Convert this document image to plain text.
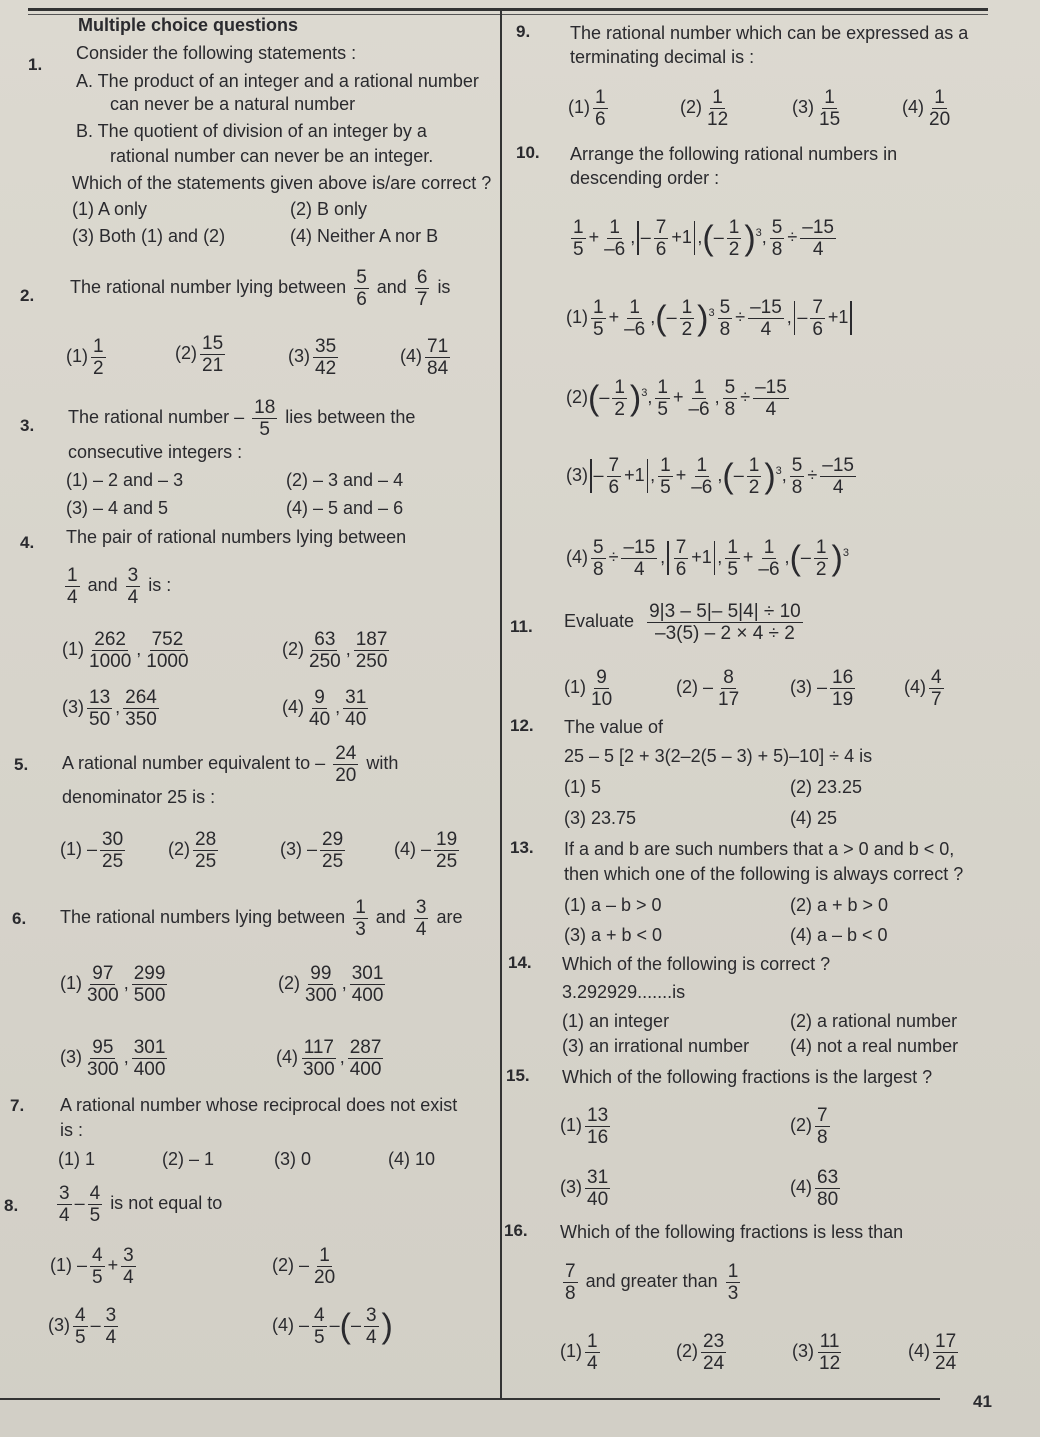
41
Multiple choice questions
1.
Consider the following statements :
A. The product of an integer and a rational number
can never be a natural number
B. The quotient of division of an integer by a
rational number can never be an integer.
Which of the statements given above is/are correct ?
(1) A only	(2) B only
(3) Both (1) and (2)	(4) Neither A nor B
2. The rational number lying between $\frac{5}{6}$ and $\frac{6}{7}$ is
$(1) \frac{1}{2}$	$(2) \frac{15}{21}$	$(3) \frac{35}{42}$	$(4) \frac{71}{84}$
3. The rational number – $\frac{18}{5}$ lies between the
consecutive integers :
(1) – 2 and – 3	(2) – 3 and – 4
(3) – 4 and 5	(4) – 5 and – 6
4. The pair of rational numbers lying between
$\frac{1}{4}$ and $\frac{3}{4}$ is :
$(1) \frac{262}{1000}$ , $\frac{752}{1000}$	$(2) \frac{63}{250}$ , $\frac{187}{250}$
$(3) \frac{13}{50}$ , $\frac{264}{350}$	$(4) \frac{9}{40}$ , $\frac{31}{40}$
5. A rational number equivalent to – $\frac{24}{20}$ with
denominator 25 is :
$(1) - \frac{30}{25} (2) \frac{28}{25}$	$(3) - \frac{29}{25}$	$(4) - \frac{19}{25}$
6. The rational numbers lying between $\frac{1}{3}$ and $\frac{3}{4}$ are
$(1) \frac{97}{300}$ , $\frac{299}{500}$	$(2) \frac{99}{300}$ , $\frac{301}{400}$
$(3) \frac{95}{300}$ , $\frac{301}{400}$	$(4) \frac{117}{300}$ , $\frac{287}{400}$
7. A rational number whose reciprocal does not exist
is :
(1) 1	(2) – 1	(3) 0	(4) 10
8. $\frac{3}{4} - \frac{4}{5}$ is not equal to
$(1) - \frac{4}{5} + \frac{3}{4}$	$(2) - \frac{1}{20}$
$(3) \frac{4}{5} - \frac{3}{4}$	$(4) - \frac{4}{5}$ –(– $\frac{3}{4}$ )
9. The rational number which can be expressed as a
terminating decimal is :
$(1) \frac{1}{6}$	$(2) \frac{1}{12}$	$(3) \frac{1}{15}$	$(4) \frac{1}{20}$
10. Arrange the following rational numbers in
descending order :
$\frac{1}{5} + \frac{1}{-6}$ , – $\frac{7}{6} +1$ ,(– $\frac{1}{2} )^3$, $\frac{5}{8} \div \frac{-15}{4}$
$(1) \frac{1}{5} + \frac{1}{-6}$ ,(– $\frac{1}{2} )^3 \frac{5}{8} \div \frac{-15}{4}$ , – $\frac{7}{6} +1$
$(2)(- \frac{1}{2} )^3$, $\frac{1}{5} + \frac{1}{-6}$ , $\frac{5}{8} \div \frac{-15}{4}$
$(3) - \frac{7}{6} +1$ , $\frac{1}{5} + \frac{1}{-6}$ ,(– $\frac{1}{2} )^3$, $\frac{5}{8} \div \frac{-15}{4}$
$(4) \frac{5}{8} \div \frac{-15}{4}$ , $\frac{7}{6} +1$ , $\frac{1}{5} + \frac{1}{-6}$ ,(– $\frac{1}{2} )^3$
11. Evaluate $\frac{9|3 - 5|- 5|4| \div 10}{-3(5) - 2 \times 4 \div 2}$
$(1) \frac{9}{10}$	$(2) - \frac{8}{17}$	$(3) - \frac{16}{19}$	$(4) \frac{4}{7}$
12. The value of
25 – 5 [2 + 3(2–2(5 – 3) + 5)–10] ÷ 4 is
(1) 5	(2) 23.25
(3) 23.75	(4) 25
13. If a and b are such numbers that a > 0 and b < 0,
then which one of the following is always correct ?
(1) a – b > 0	(2) a + b > 0
(3) a + b < 0	(4) a – b < 0
14. Which of the following is correct ?
3.292929.......is
(1) an integer	(2) a rational number
(3) an irrational number (4) not a real number
15. Which of the following fractions is the largest ?
$(1) \frac{13}{16}$	$(2) \frac{7}{8}$
$(3) \frac{31}{40}$	$(4) \frac{63}{80}$
16. Which of the following fractions is less than
$\frac{7}{8}$ and greater than $\frac{1}{3}$
$(1) \frac{1}{4}$	$(2) \frac{23}{24}$	$(3) \frac{11}{12}$	$(4) \frac{17}{24}$
